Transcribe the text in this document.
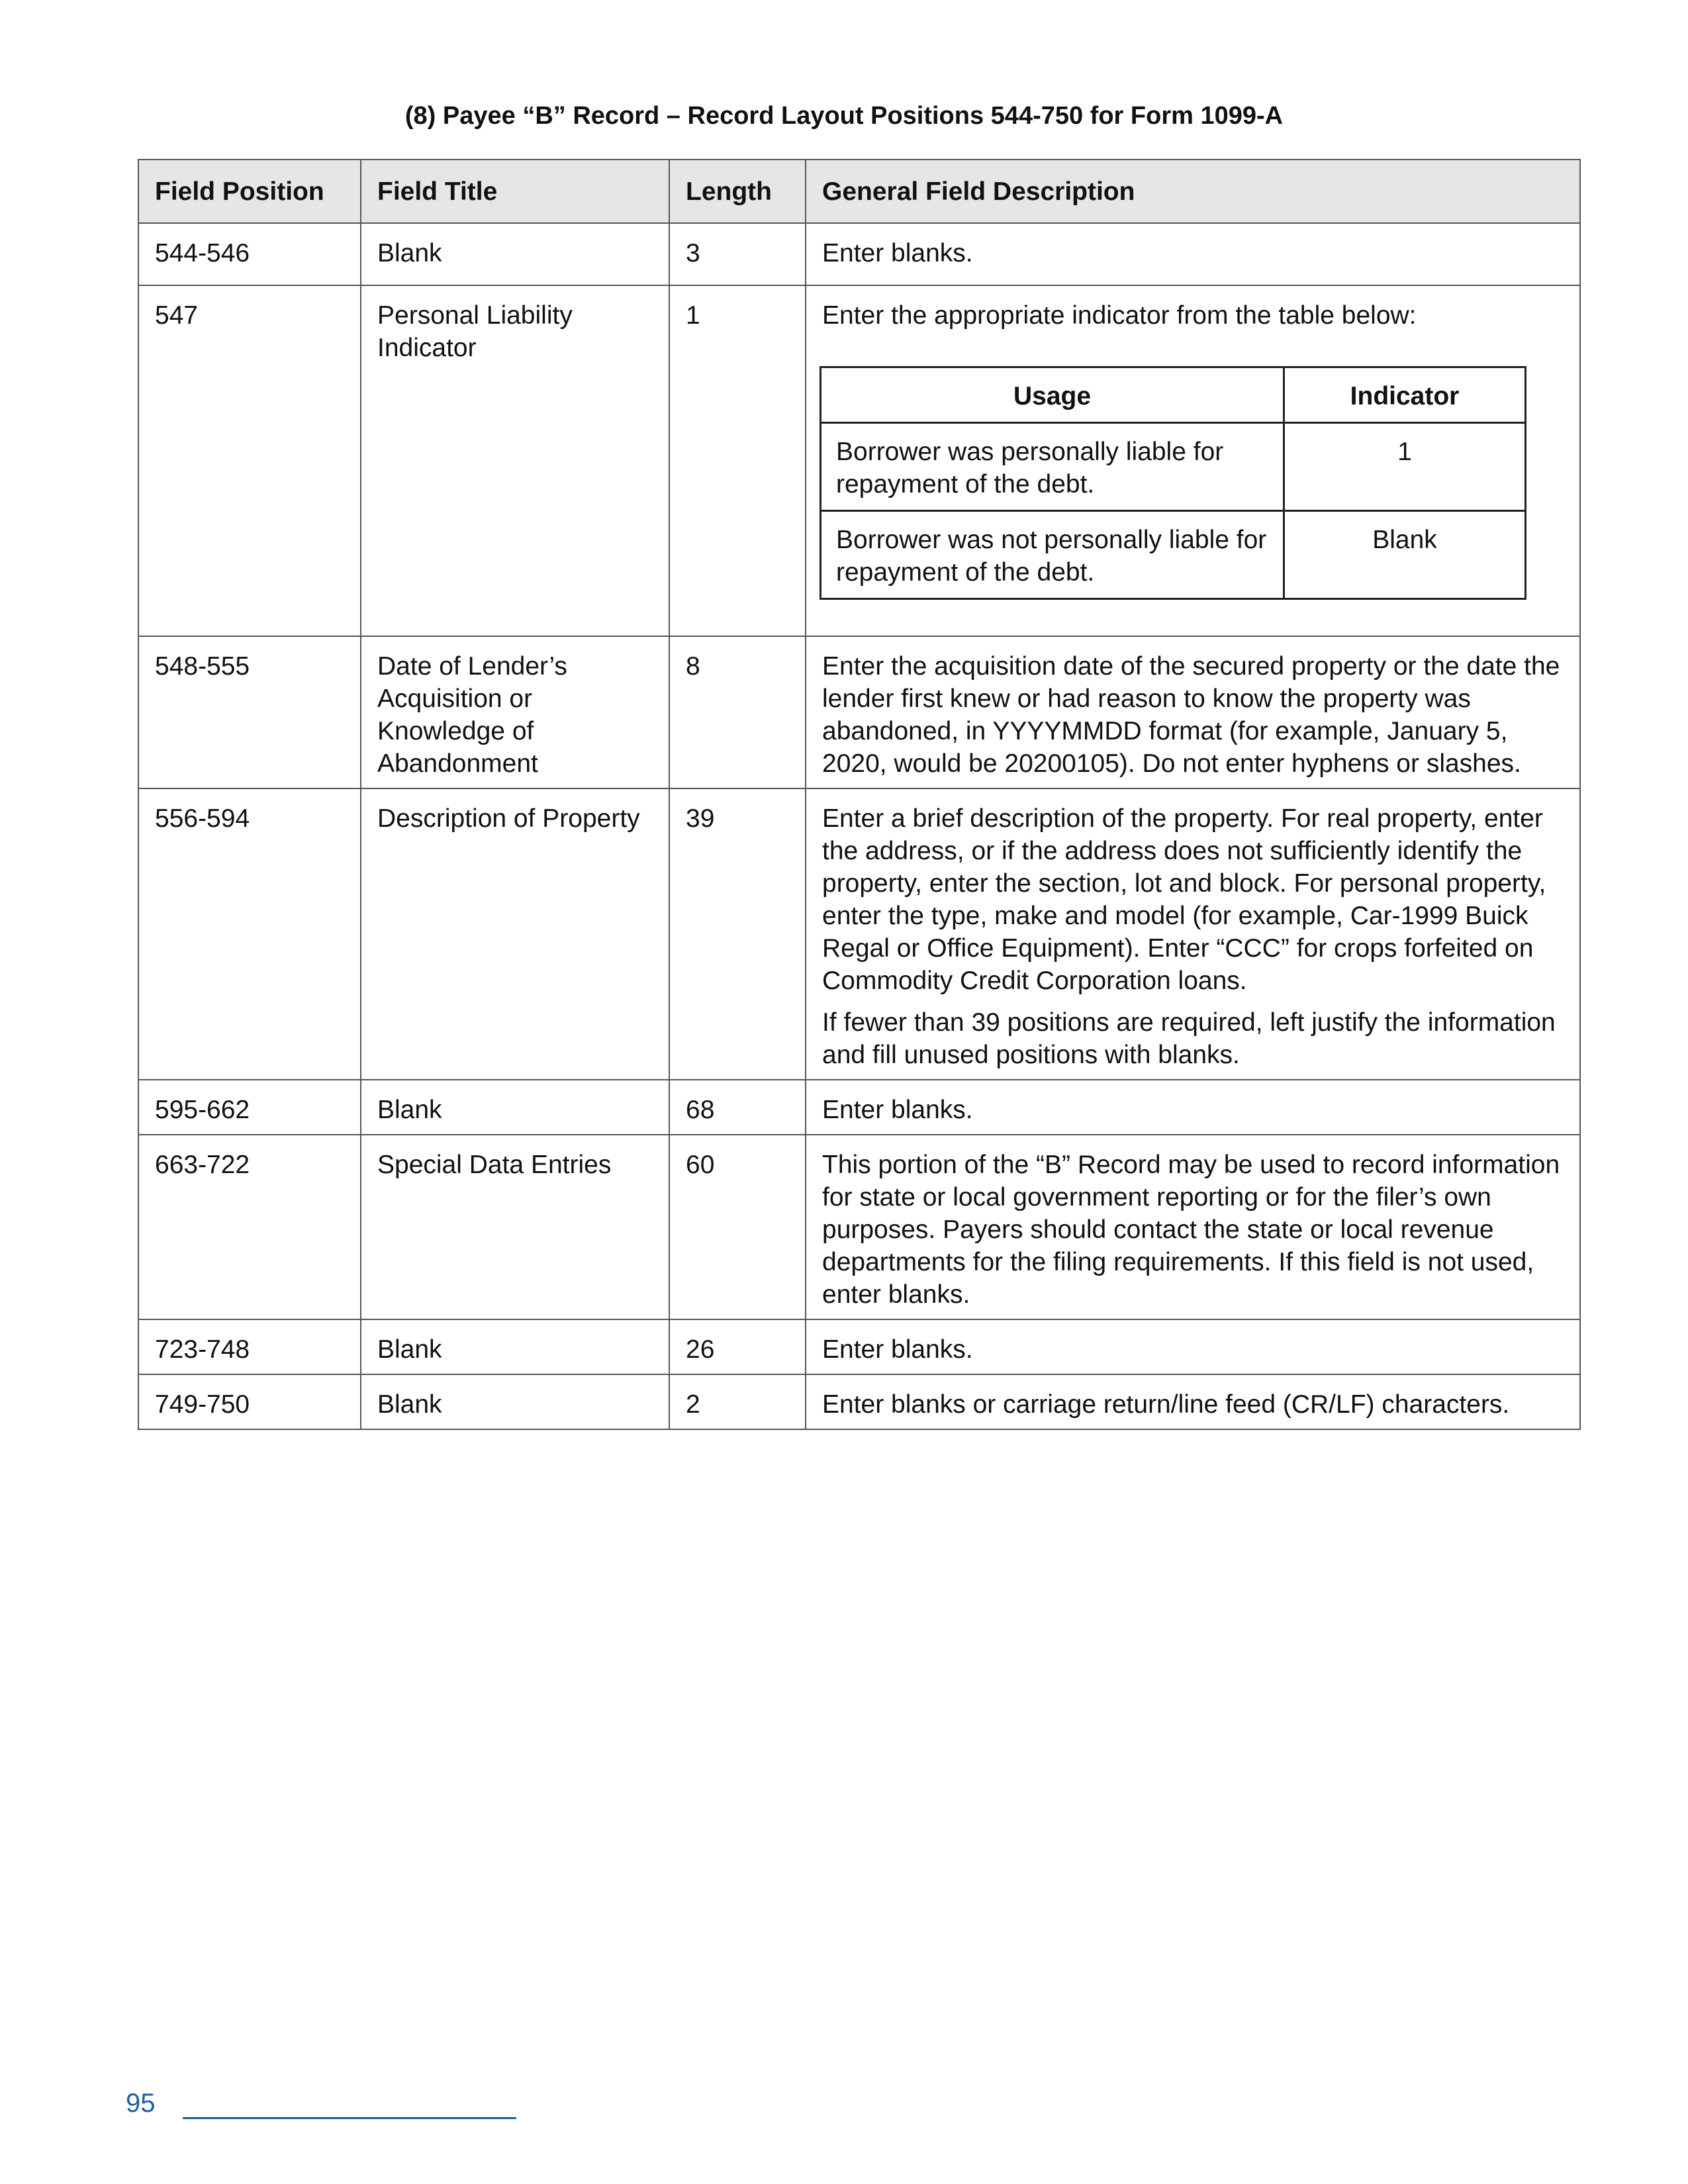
(8) Payee “B” Record – Record Layout Positions 544-750 for Form 1099-A
Field Position	Field Title	Length	General Field Description
544-546	Blank	3	Enter blanks.

547	Personal Liability Indicator	1	Enter the appropriate indicator from the table below:

Usage	Indicator
Borrower was personally liable for repayment of the debt.	1
Borrower was not personally liable for repayment of the debt.	Blank

548-555	Date of Lender’s Acquisition or Knowledge of Abandonment	8	Enter the acquisition date of the secured property or the date the lender first knew or had reason to know the property was abandoned, in YYYYMMDD format (for example, January 5, 2020, would be 20200105). Do not enter hyphens or slashes.

556-594	Description of Property	39	Enter a brief description of the property. For real property, enter the address, or if the address does not sufficiently identify the property, enter the section, lot and block. For personal property, enter the type, make and model (for example, Car-1999 Buick Regal or Office Equipment). Enter “CCC” for crops forfeited on Commodity Credit Corporation loans.

If fewer than 39 positions are required, left justify the information and fill unused positions with blanks.

595-662	Blank	68	Enter blanks.

663-722	Special Data Entries	60	This portion of the “B” Record may be used to record information for state or local government reporting or for the filer’s own purposes. Payers should contact the state or local revenue departments for the filing requirements. If this field is not used, enter blanks.

723-748	Blank	26	Enter blanks.

749-750	Blank	2	Enter blanks or carriage return/line feed (CR/LF) characters.

95
